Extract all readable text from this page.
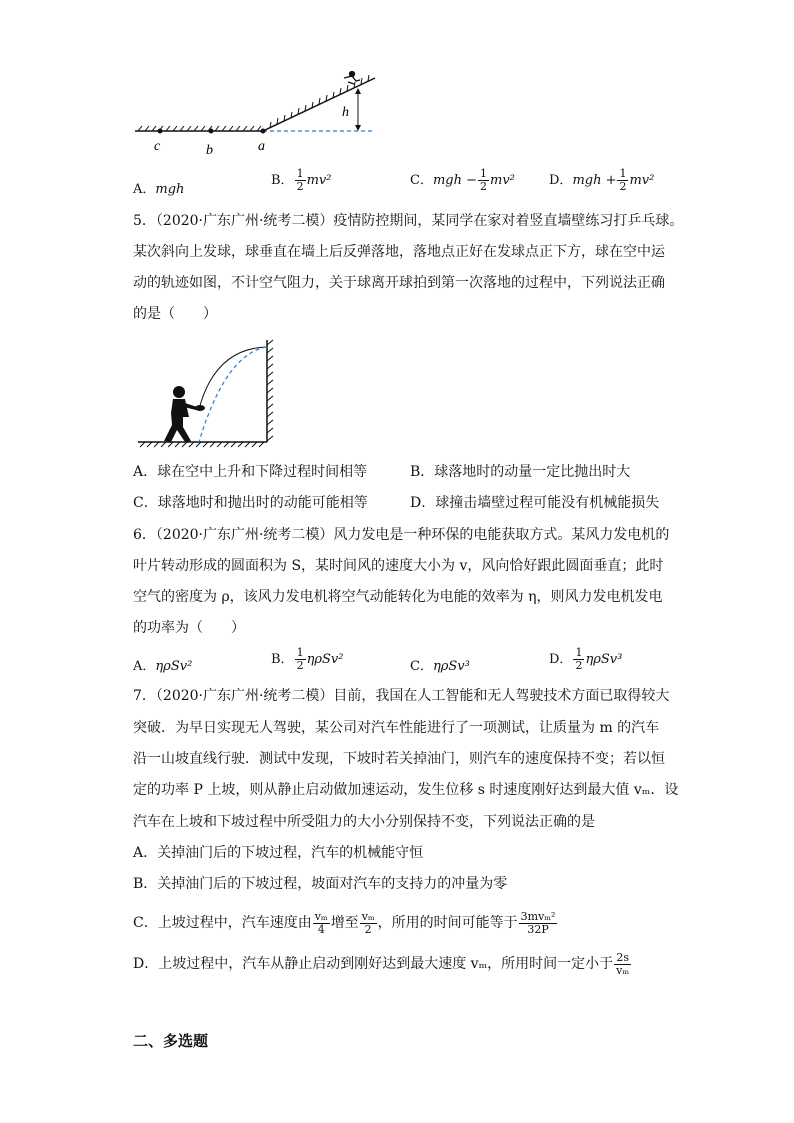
c	b	a
h
A．mgh
B． $\frac{1}{2} mv^2$	C．mgh − $\frac{1}{2} mv^2$	D．mgh + $\frac{1}{2} mv^2$
5．（2020·广东广州·统考二模）疫情防控期间，某同学在家对着竖直墙壁练习打乒乓球。
某次斜向上发球，球垂直在墙上后反弹落地，落地点正好在发球点正下方，球在空中运
动的轨迹如图，不计空气阻力，关于球离开球拍到第一次落地的过程中，下列说法正确
的是（　　）
A．球在空中上升和下降过程时间相等	B．球落地时的动量一定比抛出时大
C．球落地时和抛出时的动能可能相等	D．球撞击墙壁过程可能没有机械能损失
6．（2020·广东广州·统考二模）风力发电是一种环保的电能获取方式。某风力发电机的
叶片转动形成的圆面积为 S，某时间风的速度大小为 v，风向恰好跟此圆面垂直；此时
空气的密度为 ρ，该风力发电机将空气动能转化为电能的效率为 η，则风力发电机发电
的功率为（　　）
A．ηρSv²	B． $\frac{1}{2} \eta\rho Sv^2$	C．ηρSv³	D． $\frac{1}{2} \eta\rho Sv^3$
7．（2020·广东广州·统考二模）目前，我国在人工智能和无人驾驶技术方面已取得较大
突破．为早日实现无人驾驶，某公司对汽车性能进行了一项测试，让质量为 m 的汽车
沿一山坡直线行驶．测试中发现，下坡时若关掉油门，则汽车的速度保持不变；若以恒
定的功率 P 上坡，则从静止启动做加速运动，发生位移 s 时速度刚好达到最大值 vₘ．设
汽车在上坡和下坡过程中所受阻力的大小分别保持不变，下列说法正确的是
A．关掉油门后的下坡过程，汽车的机械能守恒
B．关掉油门后的下坡过程，坡面对汽车的支持力的冲量为零
C．上坡过程中，汽车速度由 $\frac{\text{vₘ}}{4}$ 增至 $\frac{\text{vₘ}}{2}$ ，所用的时间可能等于 $\frac{\text{3mvₘ²}}{32P}$
D．上坡过程中，汽车从静止启动到刚好达到最大速度 vₘ，所用时间一定小于 $\frac{2s}{\text{vₘ}}$
二、多选题
